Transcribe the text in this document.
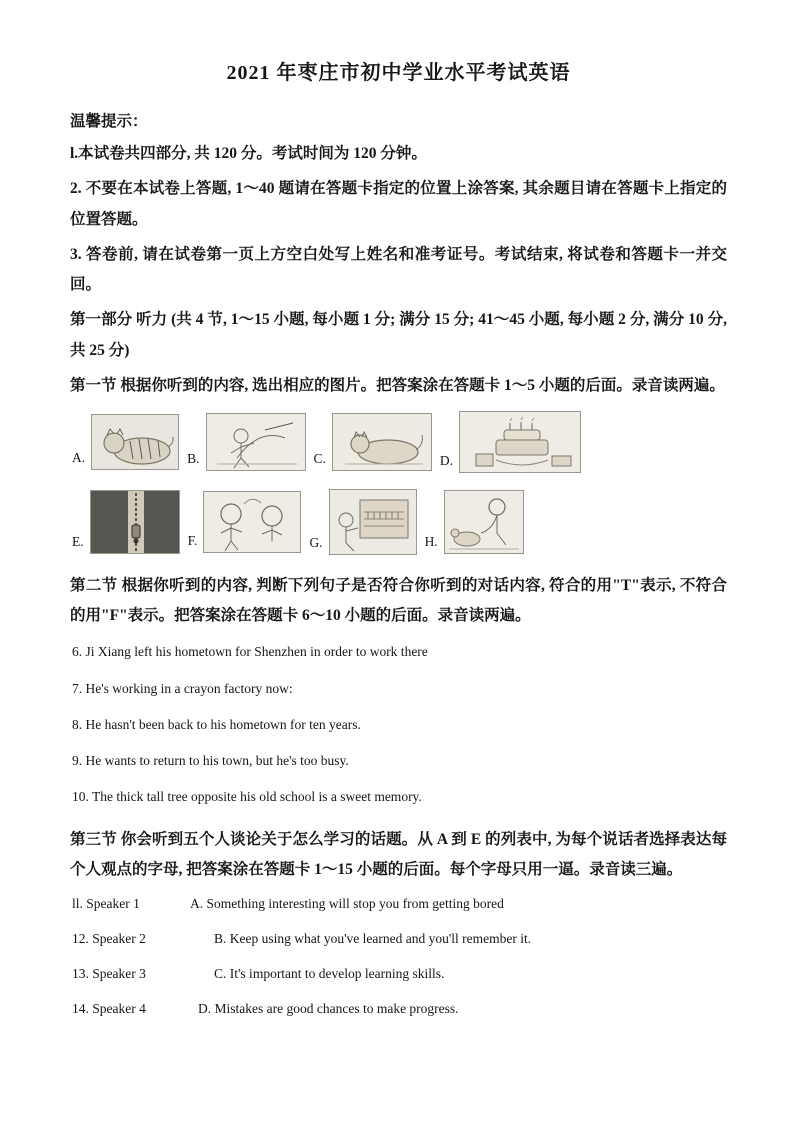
2021 年枣庄市初中学业水平考试英语

温馨提示：

l.本试卷共四部分, 共 120 分。考试时间为 120 分钟。

2. 不要在本试卷上答题, 1～40 题请在答题卡指定的位置上涂答案, 其余题目请在答题卡上指定的位置答题。

3. 答卷前, 请在试卷第一页上方空白处写上姓名和准考证号。考试结束, 将试卷和答题卡一并交回。

第一部分 听力 (共 4 节, 1～15 小题, 每小题 1 分; 满分 15 分; 41～45 小题, 每小题 2 分, 满分 10 分, 共 25 分)

第一节 根据你听到的内容, 选出相应的图片。把答案涂在答题卡 1～5 小题的后面。录音读两遍。

A.	B.	C.	D.
E.	F.	G.	H.

第二节 根据你听到的内容, 判断下列句子是否符合你听到的对话内容, 符合的用"T"表示, 不符合的用"F"表示。把答案涂在答题卡 6～10 小题的后面。录音读两遍。

6. Ji Xiang left his hometown for Shenzhen in order to work there

7. He's working in a crayon factory now:

8. He hasn't been back to his hometown for ten years.

9. He wants to return to his town, but he's too busy.

10. The thick tall tree opposite his old school is a sweet memory.

第三节 你会听到五个人谈论关于怎么学习的话题。从 A 到 E 的列表中, 为每个说话者选择表达每个人观点的字母, 把答案涂在答题卡 1～15 小题的后面。每个字母只用一逼。录音读三遍。

ll. Speaker 1	A. Something interesting will stop you from getting bored
12. Speaker 2	B. Keep using what you've learned and you'll remember it.
13. Speaker 3	C. It's important to develop learning skills.
14. Speaker 4	D. Mistakes are good chances to make progress.
